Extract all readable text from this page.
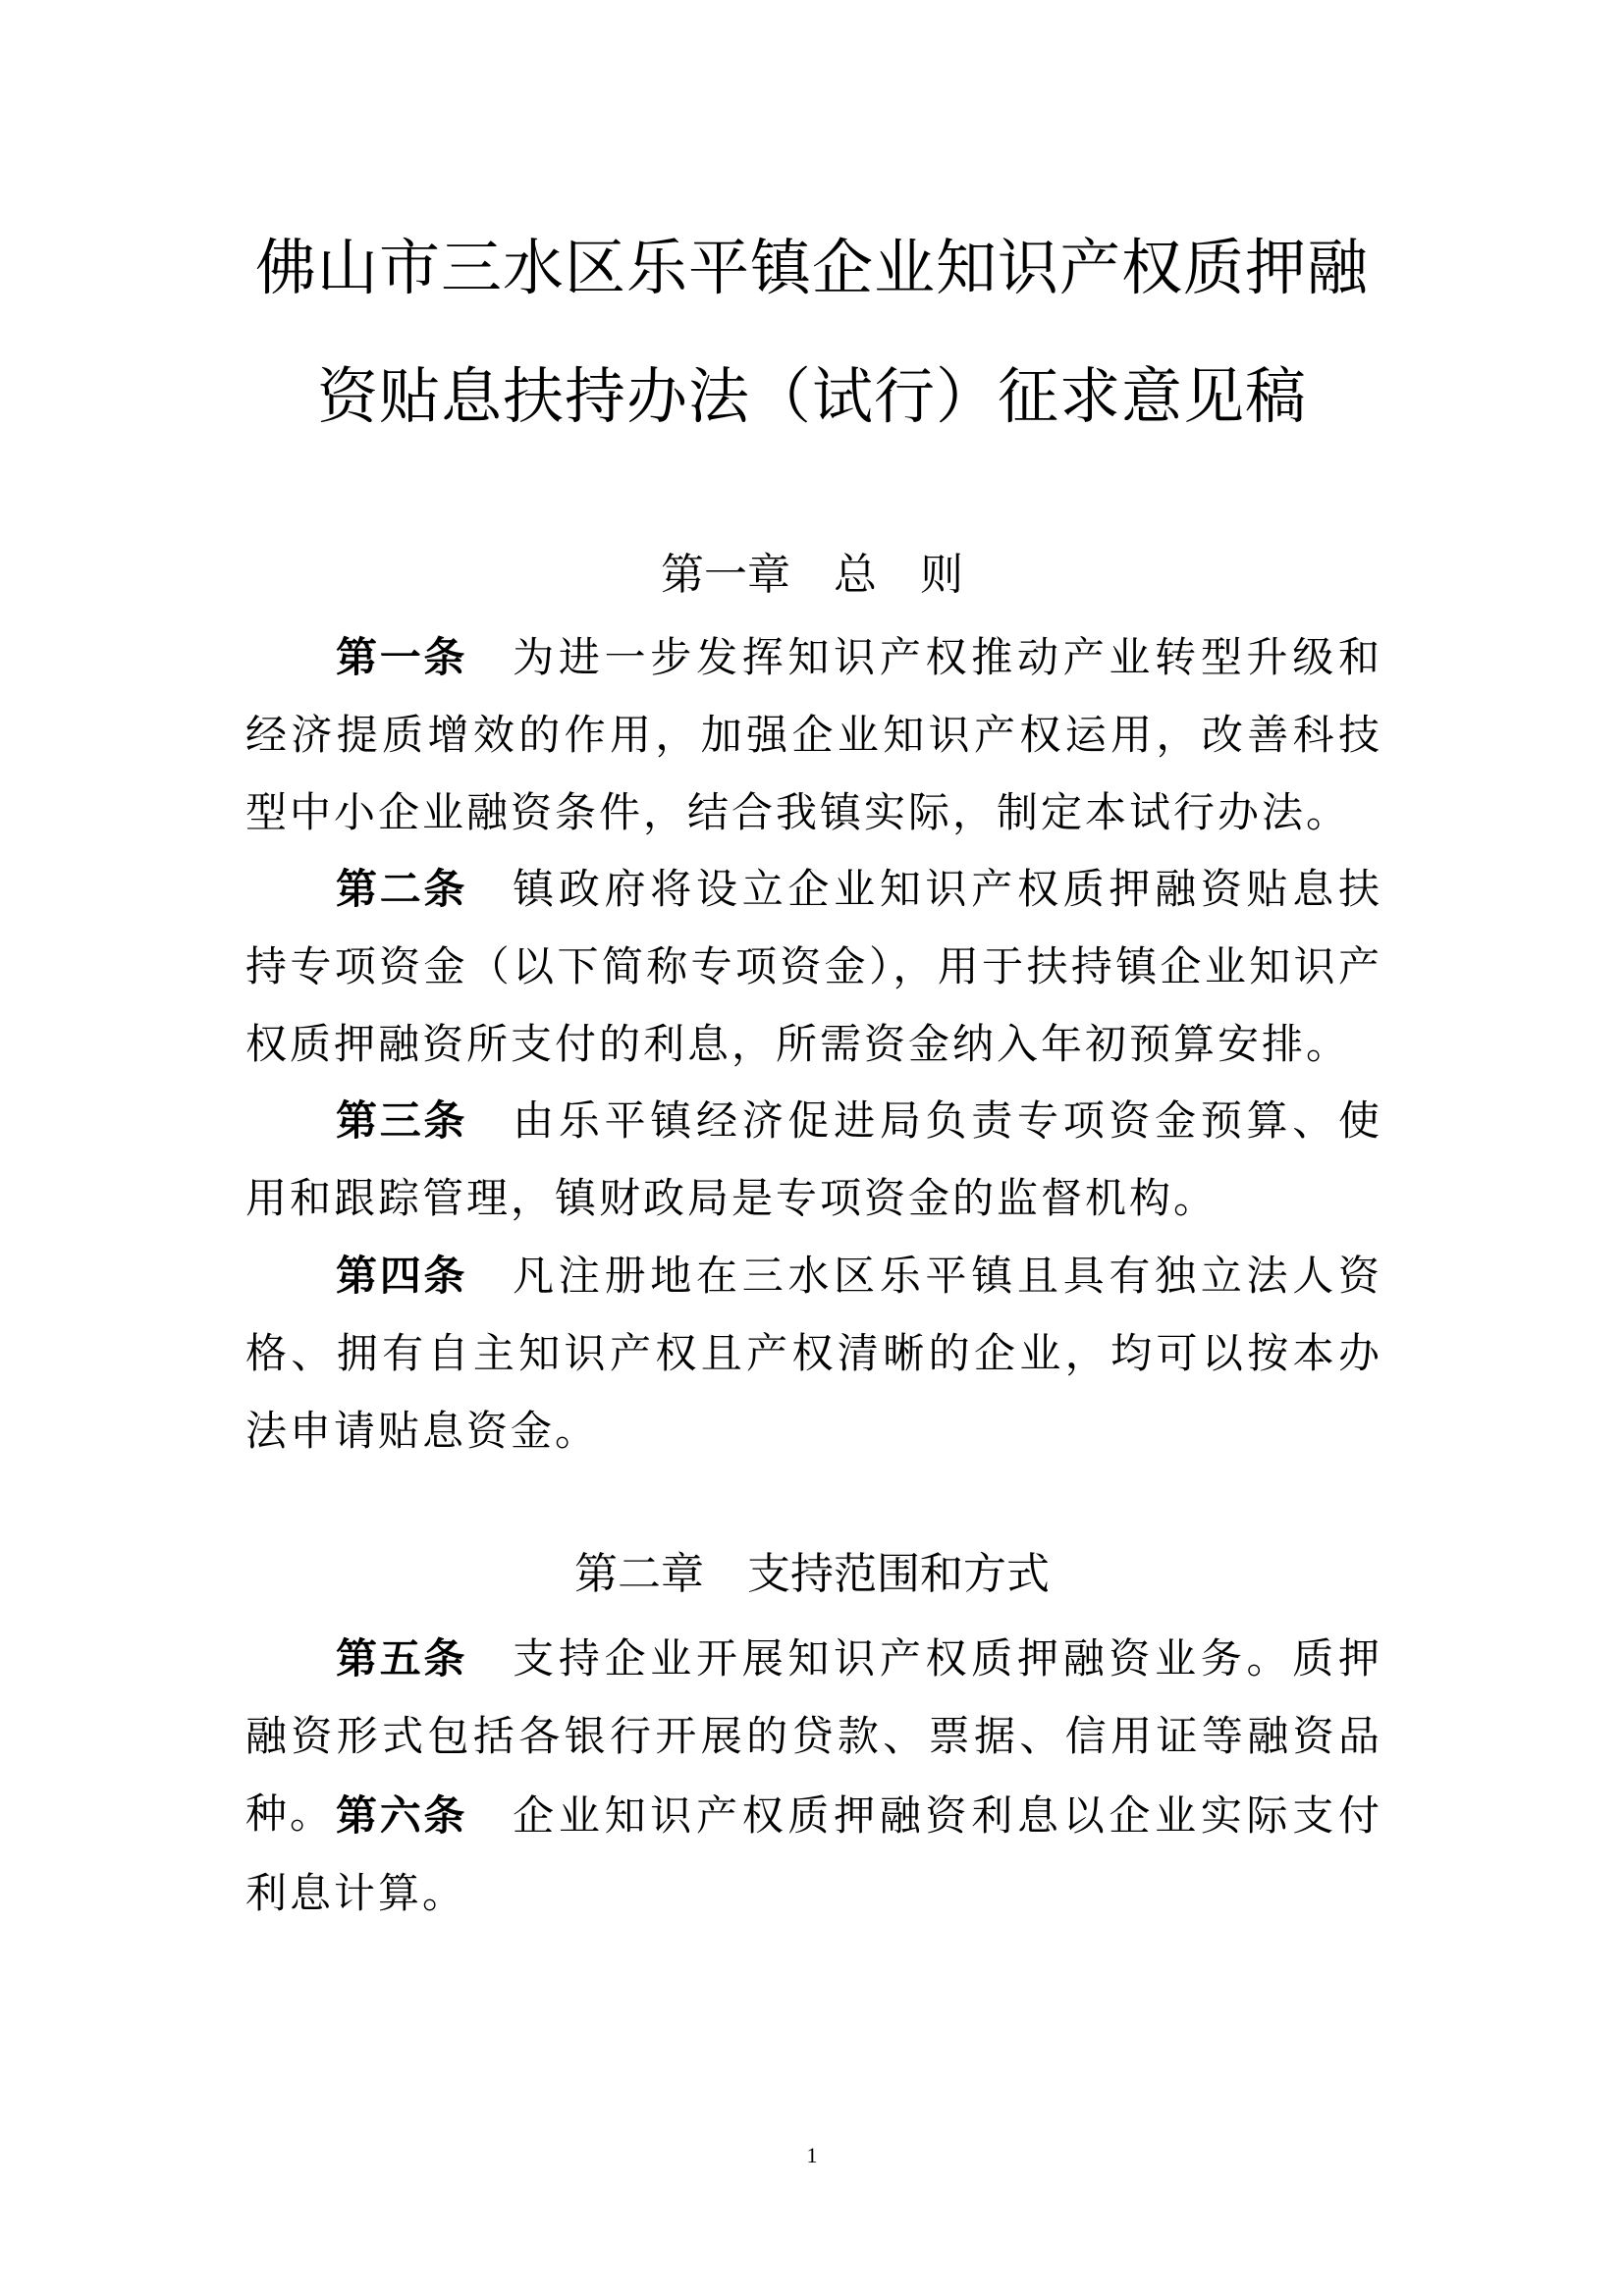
佛山市三水区乐平镇企业知识产权质押融
资贴息扶持办法（试行）征求意见稿
第一章　总　则

第一条 为进一步发挥知识产权推动产业转型升级和经济提质增效的作用，加强企业知识产权运用，改善科技型中小企业融资条件，结合我镇实际，制定本试行办法。

第二条 镇政府将设立企业知识产权质押融资贴息扶持专项资金（以下简称专项资金），用于扶持镇企业知识产权质押融资所支付的利息，所需资金纳入年初预算安排。

第三条 由乐平镇经济促进局负责专项资金预算、使用和跟踪管理，镇财政局是专项资金的监督机构。

第四条 凡注册地在三水区乐平镇且具有独立法人资格、拥有自主知识产权且产权清晰的企业，均可以按本办法申请贴息资金。

第二章　支持范围和方式

第五条 支持企业开展知识产权质押融资业务。质押融资形式包括各银行开展的贷款、票据、信用证等融资品种。 第六条 企业知识产权质押融资利息以企业实际支付利息计算。

1
